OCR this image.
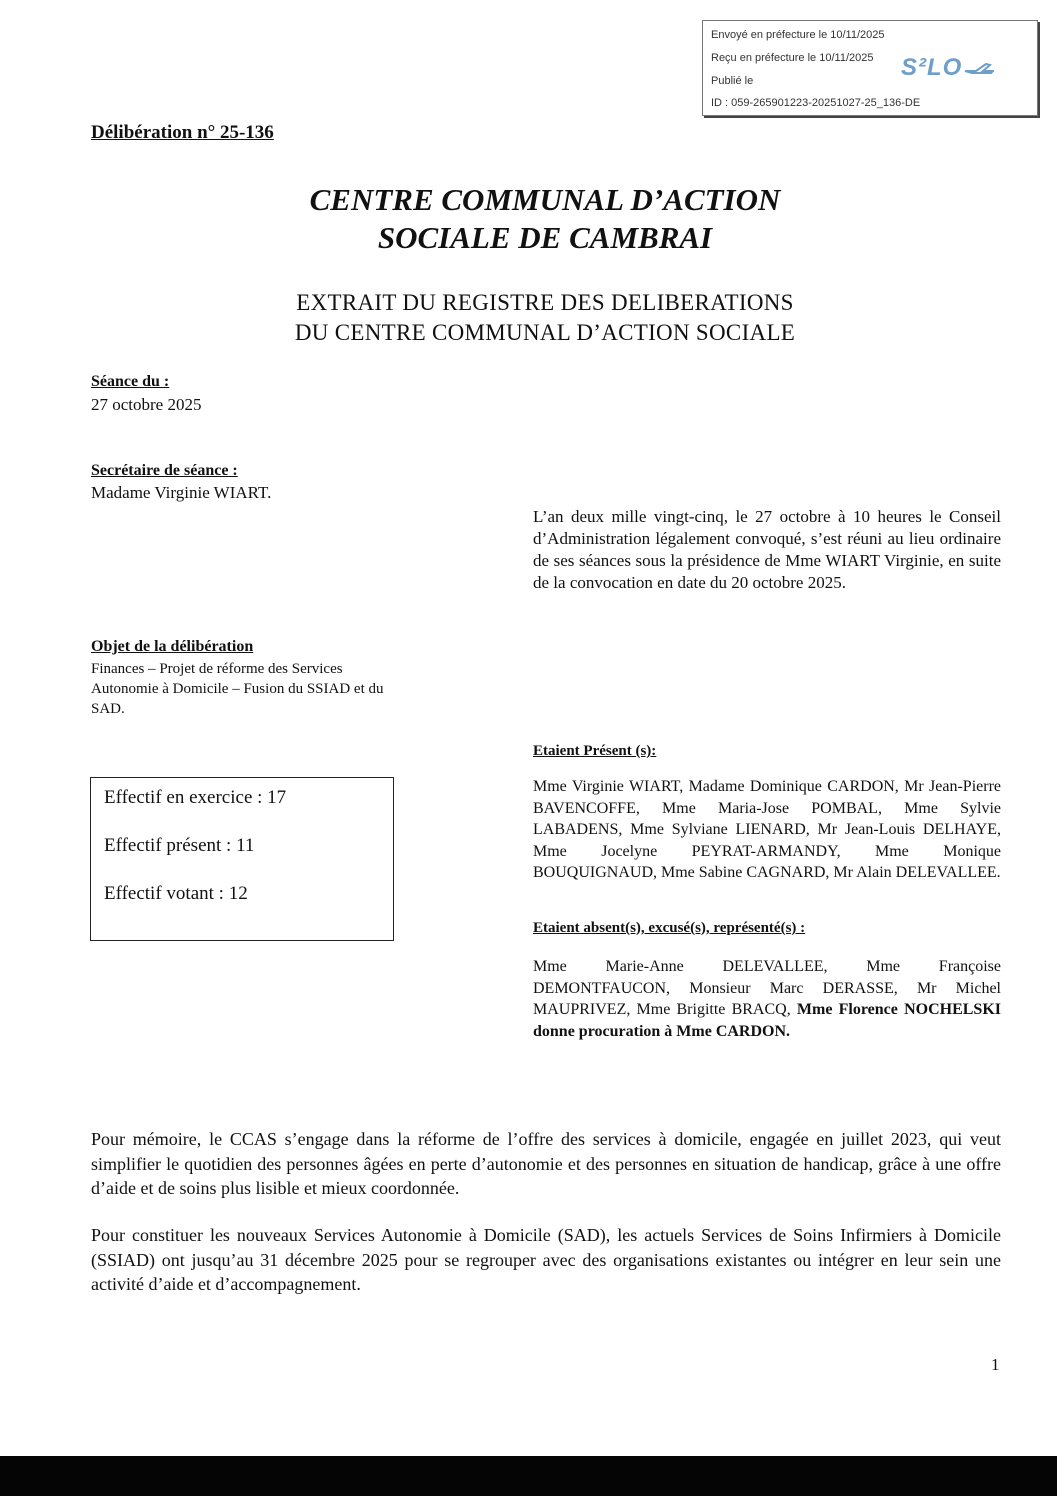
Envoyé en préfecture le 10/11/2025
Reçu en préfecture le 10/11/2025
Publié le
ID : 059-265901223-20251027-25_136-DE
S²LO
Délibération n° 25-136
CENTRE COMMUNAL D’ACTION
SOCIALE DE CAMBRAI
EXTRAIT DU REGISTRE DES DELIBERATIONS
DU CENTRE COMMUNAL D’ACTION SOCIALE
Séance du :
27 octobre 2025
Secrétaire de séance :
Madame Virginie WIART.
L’an deux mille vingt-cinq, le 27 octobre à 10 heures le Conseil d’Administration légalement convoqué, s’est réuni au lieu ordinaire de ses séances sous la présidence de Mme WIART Virginie, en suite de la convocation en date du 20 octobre 2025.
Objet de la délibération
Finances – Projet de réforme des Services Autonomie à Domicile – Fusion du SSIAD et du SAD.
Effectif en exercice : 17
Effectif présent : 11
Effectif votant : 12
Etaient Présent (s):
Mme Virginie WIART, Madame Dominique CARDON, Mr Jean-Pierre BAVENCOFFE, Mme Maria-Jose POMBAL, Mme Sylvie LABADENS, Mme Sylviane LIENARD, Mr Jean-Louis DELHAYE, Mme Jocelyne PEYRAT-ARMANDY, Mme Monique BOUQUIGNAUD, Mme Sabine CAGNARD, Mr Alain DELEVALLEE.
Etaient absent(s), excusé(s), représenté(s) :
Mme Marie-Anne DELEVALLEE, Mme Françoise DEMONTFAUCON, Monsieur Marc DERASSE, Mr Michel MAUPRIVEZ, Mme Brigitte BRACQ, Mme Florence NOCHELSKI donne procuration à Mme CARDON.
Pour mémoire, le CCAS s’engage dans la réforme de l’offre des services à domicile, engagée en juillet 2023, qui veut simplifier le quotidien des personnes âgées en perte d’autonomie et des personnes en situation de handicap, grâce à une offre d’aide et de soins plus lisible et mieux coordonnée.
Pour constituer les nouveaux Services Autonomie à Domicile (SAD), les actuels Services de Soins Infirmiers à Domicile (SSIAD) ont jusqu’au 31 décembre 2025 pour se regrouper avec des organisations existantes ou intégrer en leur sein une activité d’aide et d’accompagnement.
1
